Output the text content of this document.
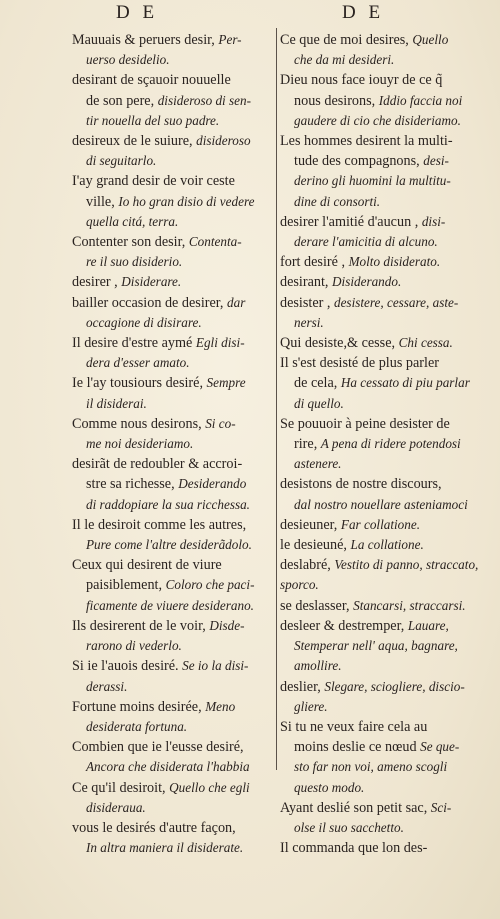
D E	D E
Mauuais & peruers desir, Per-
uerso desidelio.
desirant de sçauoir nouuelle
de son pere, disideroso di sen-
tir nouella del suo padre.
desireux de le suiure, disideroso
di seguitarlo.
I'ay grand desir de voir ceste
ville, Io ho gran disio di vedere
quella citá, terra.
Contenter son desir, Contenta-
re il suo disiderio.
desirer , Disiderare.
bailler occasion de desirer, dar
occagione di disirare.
Il desire d'estre aymé Egli disi-
dera d'esser amato.
Ie l'ay tousiours desiré, Sempre
il disiderai.
Comme nous desirons, Si co-
me noi desideriamo.
desirãt de redoubler & accroi-
stre sa richesse, Desiderando
di raddopiare la sua ricchessa.
Il le desiroit comme les autres,
Pure come l'altre desiderãdolo.
Ceux qui desirent de viure
paisiblement, Coloro che paci-
ficamente de viuere desiderano.
Ils desirerent de le voir, Disde-
rarono di vederlo.
Si ie l'auois desiré. Se io la disi-
derassi.
Fortune moins desirée, Meno
desiderata fortuna.
Combien que ie l'eusse desiré,
Ancora che disiderata l'habbia
Ce qu'il desiroit, Quello che egli
disideraua.
vous le desirés d'autre façon,
In altra maniera il disiderate.
Ce que de moi desires, Quello
che da mi desideri.
Dieu nous face iouyr de ce q̃
nous desirons, Iddio faccia noi
gaudere di cio che disideriamo.
Les hommes desirent la multi-
tude des compagnons, desi-
derino gli huomini la multitu-
dine di consorti.
desirer l'amitié d'aucun , disi-
derare l'amicitia di alcuno.
fort desiré , Molto disiderato.
desirant, Disiderando.
desister , desistere, cessare, aste-
nersi.
Qui desiste,& cesse, Chi cessa.
Il s'est desisté de plus parler
de cela, Ha cessato di piu parlar
di quello.
Se pouuoir à peine desister de
rire, A pena di ridere potendosi
astenere.
desistons de nostre discours,
dal nostro nouellare asteniamoci
desieuner, Far collatione.
le desieuné, La collatione.
deslabré, Vestito di panno, straccato, sporco.
se deslasser, Stancarsi, straccarsi.
desleer & destremper, Lauare,
Stemperar nell' aqua, bagnare,
amollire.
deslier, Slegare, sciogliere, discio-
gliere.
Si tu ne veux faire cela au
moins deslie ce nœud Se que-
sto far non voi, ameno scogli
questo modo.
Ayant deslié son petit sac, Sci-
olse il suo sacchetto.
Il commanda que lon des-
